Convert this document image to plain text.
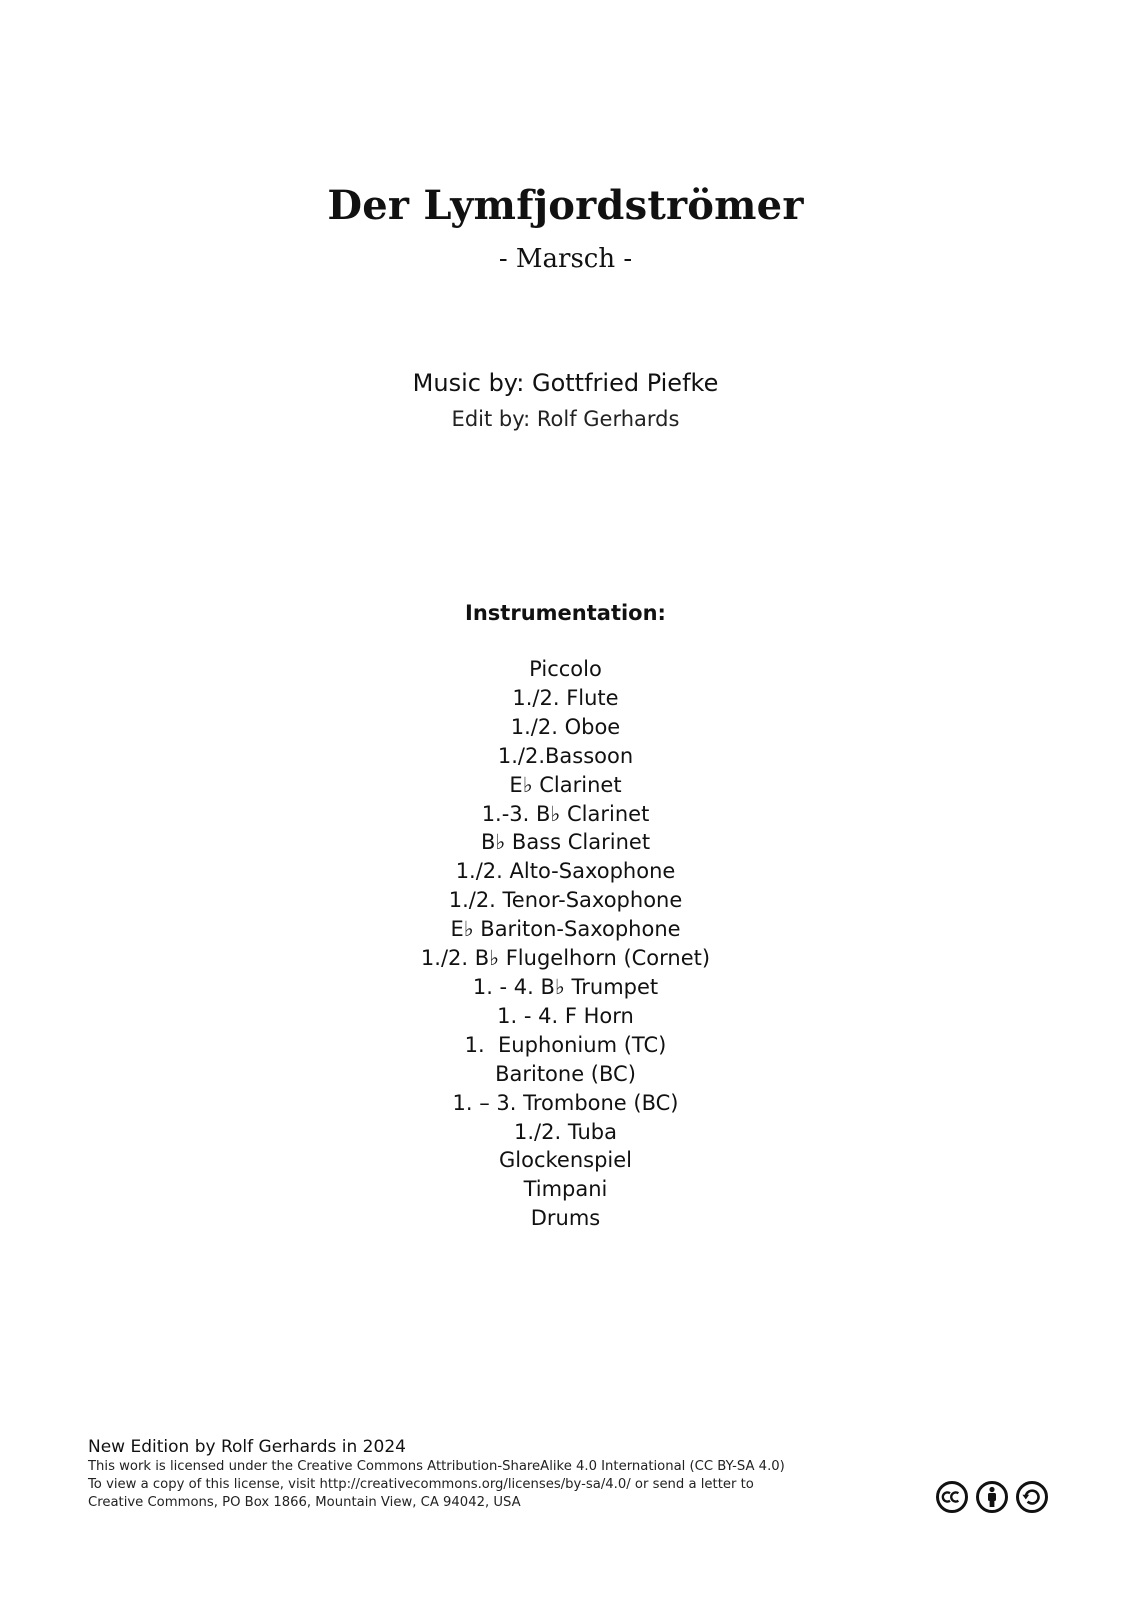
Der Lymfjordströmer
- Marsch -
Music by: Gottfried Piefke
Edit by: Rolf Gerhards
Instrumentation:
Piccolo
1./2. Flute
1./2. Oboe
1./2.Bassoon
E♭ Clarinet
1.-3. B♭ Clarinet
B♭ Bass Clarinet
1./2. Alto-Saxophone
1./2. Tenor-Saxophone
E♭ Bariton-Saxophone
1./2. B♭ Flugelhorn (Cornet)
1. - 4. B♭ Trumpet
1. - 4. F Horn
1.  Euphonium (TC)
Baritone (BC)
1. – 3. Trombone (BC)
1./2. Tuba
Glockenspiel
Timpani
Drums
New Edition by Rolf Gerhards in 2024
This work is licensed under the Creative Commons Attribution-ShareAlike 4.0 International (CC BY-SA 4.0)
To view a copy of this license, visit http://creativecommons.org/licenses/by-sa/4.0/ or send a letter to
Creative Commons, PO Box 1866, Mountain View, CA 94042, USA
